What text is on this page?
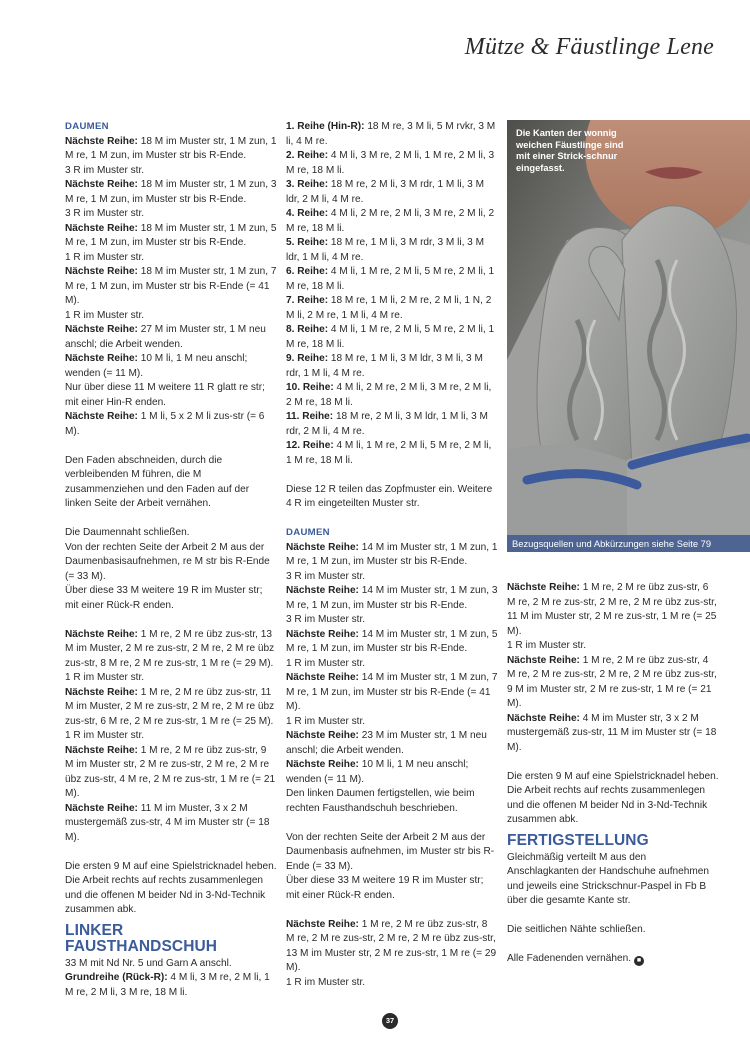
Mütze & Fäustlinge Lene

DAUMEN

Nächste Reihe: 18 M im Muster str, 1 M zun, 1 M re, 1 M zun, im Muster str bis R-Ende.

3 R im Muster str.

Nächste Reihe: 18 M im Muster str, 1 M zun, 3 M re, 1 M zun, im Muster str bis R-Ende.

3 R im Muster str.

Nächste Reihe: 18 M im Muster str, 1 M zun, 5 M re, 1 M zun, im Muster str bis R-Ende.

1 R im Muster str.

Nächste Reihe: 18 M im Muster str, 1 M zun, 7 M re, 1 M zun, im Muster str bis R-Ende (= 41 M).

1 R im Muster str.

Nächste Reihe: 27 M im Muster str, 1 M neu anschl; die Arbeit wenden.

Nächste Reihe: 10 M li, 1 M neu anschl; wenden (= 11 M).

Nur über diese 11 M weitere 11 R glatt re str; mit einer Hin-R enden.

Nächste Reihe: 1 M li, 5 x 2 M li zus-str (= 6 M).

Den Faden abschneiden, durch die verbleibenden M führen, die M zusammenziehen und den Faden auf der linken Seite der Arbeit vernähen.

Die Daumennaht schließen.

Von der rechten Seite der Arbeit 2 M aus der Daumenbasisaufnehmen, re M str bis R-Ende (= 33 M).

Über diese 33 M weitere 19 R im Muster str; mit einer Rück-R enden.

Nächste Reihe: 1 M re, 2 M re übz zus-str, 13 M im Muster, 2 M re zus-str, 2 M re, 2 M re übz zus-str, 8 M re, 2 M re zus-str, 1 M re (= 29 M).

1 R im Muster str.

Nächste Reihe: 1 M re, 2 M re übz zus-str, 11 M im Muster, 2 M re zus-str, 2 M re, 2 M re übz zus-str, 6 M re, 2 M re zus-str, 1 M re (= 25 M).

1 R im Muster str.

Nächste Reihe: 1 M re, 2 M re übz zus-str, 9 M im Muster str, 2 M re zus-str, 2 M re, 2 M re übz zus-str, 4 M re, 2 M re zus-str, 1 M re (= 21 M).

Nächste Reihe: 11 M im Muster, 3 x 2 M mustergemäß zus-str, 4 M im Muster str (= 18 M).

Die ersten 9 M auf eine Spielstricknadel heben.

Die Arbeit rechts auf rechts zusammenlegen und die offenen M beider Nd in 3-Nd-Technik zusammen abk.

LINKER

FAUSTHANDSCHUH

33 M mit Nd Nr. 5 und Garn A anschl.

Grundreihe (Rück-R): 4 M li, 3 M re, 2 M li, 1 M re, 2 M li, 3 M re, 18 M li.

1. Reihe (Hin-R): 18 M re, 3 M li, 5 M rvkr, 3 M li, 4 M re.

2. Reihe: 4 M li, 3 M re, 2 M li, 1 M re, 2 M li, 3 M re, 18 M li.

3. Reihe: 18 M re, 2 M li, 3 M rdr, 1 M li, 3 M ldr, 2 M li, 4 M re.

4. Reihe: 4 M li, 2 M re, 2 M li, 3 M re, 2 M li, 2 M re, 18 M li.

5. Reihe: 18 M re, 1 M li, 3 M rdr, 3 M li, 3 M ldr, 1 M li, 4 M re.

6. Reihe: 4 M li, 1 M re, 2 M li, 5 M re, 2 M li, 1 M re, 18 M li.

7. Reihe: 18 M re, 1 M li, 2 M re, 2 M li, 1 N, 2 M li, 2 M re, 1 M li, 4 M re.

8. Reihe: 4 M li, 1 M re, 2 M li, 5 M re, 2 M li, 1 M re, 18 M li.

9. Reihe: 18 M re, 1 M li, 3 M ldr, 3 M li, 3 M rdr, 1 M li, 4 M re.

10. Reihe: 4 M li, 2 M re, 2 M li, 3 M re, 2 M li, 2 M re, 18 M li.

11. Reihe: 18 M re, 2 M li, 3 M ldr, 1 M li, 3 M rdr, 2 M li, 4 M re.

12. Reihe: 4 M li, 1 M re, 2 M li, 5 M re, 2 M li, 1 M re, 18 M li.

Diese 12 R teilen das Zopfmuster ein. Weitere 4 R im eingeteilten Muster str.

DAUMEN

Nächste Reihe: 14 M im Muster str, 1 M zun, 1 M re, 1 M zun, im Muster str bis R-Ende.

3 R im Muster str.

Nächste Reihe: 14 M im Muster str, 1 M zun, 3 M re, 1 M zun, im Muster str bis R-Ende.

3 R im Muster str.

Nächste Reihe: 14 M im Muster str, 1 M zun, 5 M re, 1 M zun, im Muster str bis R-Ende.

1 R im Muster str.

Nächste Reihe: 14 M im Muster str, 1 M zun, 7 M re, 1 M zun, im Muster str bis R-Ende (= 41 M).

1 R im Muster str.

Nächste Reihe: 23 M im Muster str, 1 M neu anschl; die Arbeit wenden.

Nächste Reihe: 10 M li, 1 M neu anschl; wenden (= 11 M).

Den linken Daumen fertigstellen, wie beim rechten Fausthandschuh beschrieben.

Von der rechten Seite der Arbeit 2 M aus der Daumenbasis aufnehmen, im Muster str bis R-Ende (= 33 M).

Über diese 33 M weitere 19 R im Muster str; mit einer Rück-R enden.

Nächste Reihe: 1 M re, 2 M re übz zus-str, 8 M re, 2 M re zus-str, 2 M re, 2 M re übz zus-str, 13 M im Muster str, 2 M re zus-str, 1 M re (= 29 M).

1 R im Muster str.

Die Kanten der wonnig weichen Fäustlinge sind mit einer Strick-schnur eingefasst.
Bezugsquellen und Abkürzungen siehe Seite 79

Nächste Reihe: 1 M re, 2 M re übz zus-str, 6 M re, 2 M re zus-str, 2 M re, 2 M re übz zus-str, 11 M im Muster str, 2 M re zus-str, 1 M re (= 25 M).

1 R im Muster str.

Nächste Reihe: 1 M re, 2 M re übz zus-str, 4 M re, 2 M re zus-str, 2 M re, 2 M re übz zus-str, 9 M im Muster str, 2 M re zus-str, 1 M re (= 21 M).

Nächste Reihe: 4 M im Muster str, 3 x 2 M mustergemäß zus-str, 11 M im Muster str (= 18 M).

Die ersten 9 M auf eine Spielstricknadel heben.

Die Arbeit rechts auf rechts zusammenlegen und die offenen M beider Nd in 3-Nd-Technik zusammen abk.

FERTIGSTELLUNG

Gleichmäßig verteilt M aus den Anschlagkanten der Handschuhe aufnehmen und jeweils eine Strickschnur-Paspel in Fb B über die gesamte Kante str.

Die seitlichen Nähte schließen.

Alle Fadenenden vernähen. ■

37
